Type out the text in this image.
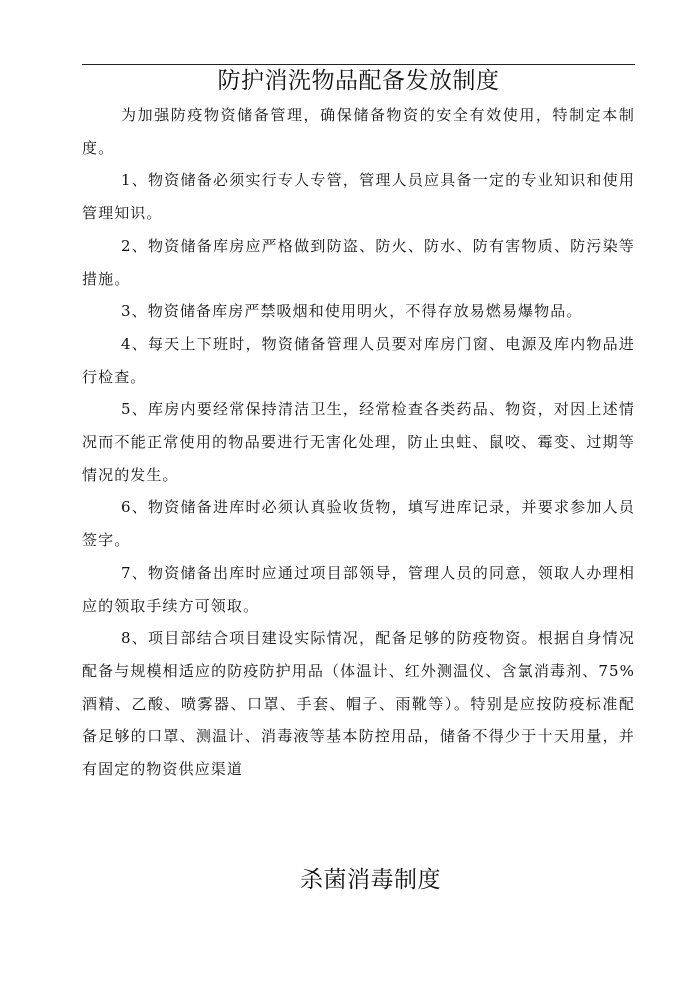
防护消洗物品配备发放制度

为加强防疫物资储备管理，确保储备物资的安全有效使用，特制定本制度。

1、物资储备必须实行专人专管，管理人员应具备一定的专业知识和使用管理知识。

2、物资储备库房应严格做到防盗、防火、防水、防有害物质、防污染等措施。

3、物资储备库房严禁吸烟和使用明火，不得存放易燃易爆物品。

4、每天上下班时，物资储备管理人员要对库房门窗、电源及库内物品进行检查。

5、库房内要经常保持清洁卫生，经常检查各类药品、物资，对因上述情况而不能正常使用的物品要进行无害化处理，防止虫蛀、鼠咬、霉变、过期等情况的发生。

6、物资储备进库时必须认真验收货物，填写进库记录，并要求参加人员签字。

7、物资储备出库时应通过项目部领导，管理人员的同意，领取人办理相应的领取手续方可领取。

8、项目部结合项目建设实际情况，配备足够的防疫物资。根据自身情况配备与规模相适应的防疫防护用品（体温计、红外测温仪、含氯消毒剂、75%酒精、乙酸、喷雾器、口罩、手套、帽子、雨靴等）。特别是应按防疫标准配备足够的口罩、测温计、消毒液等基本防控用品，储备不得少于十天用量，并有固定的物资供应渠道

杀菌消毒制度
